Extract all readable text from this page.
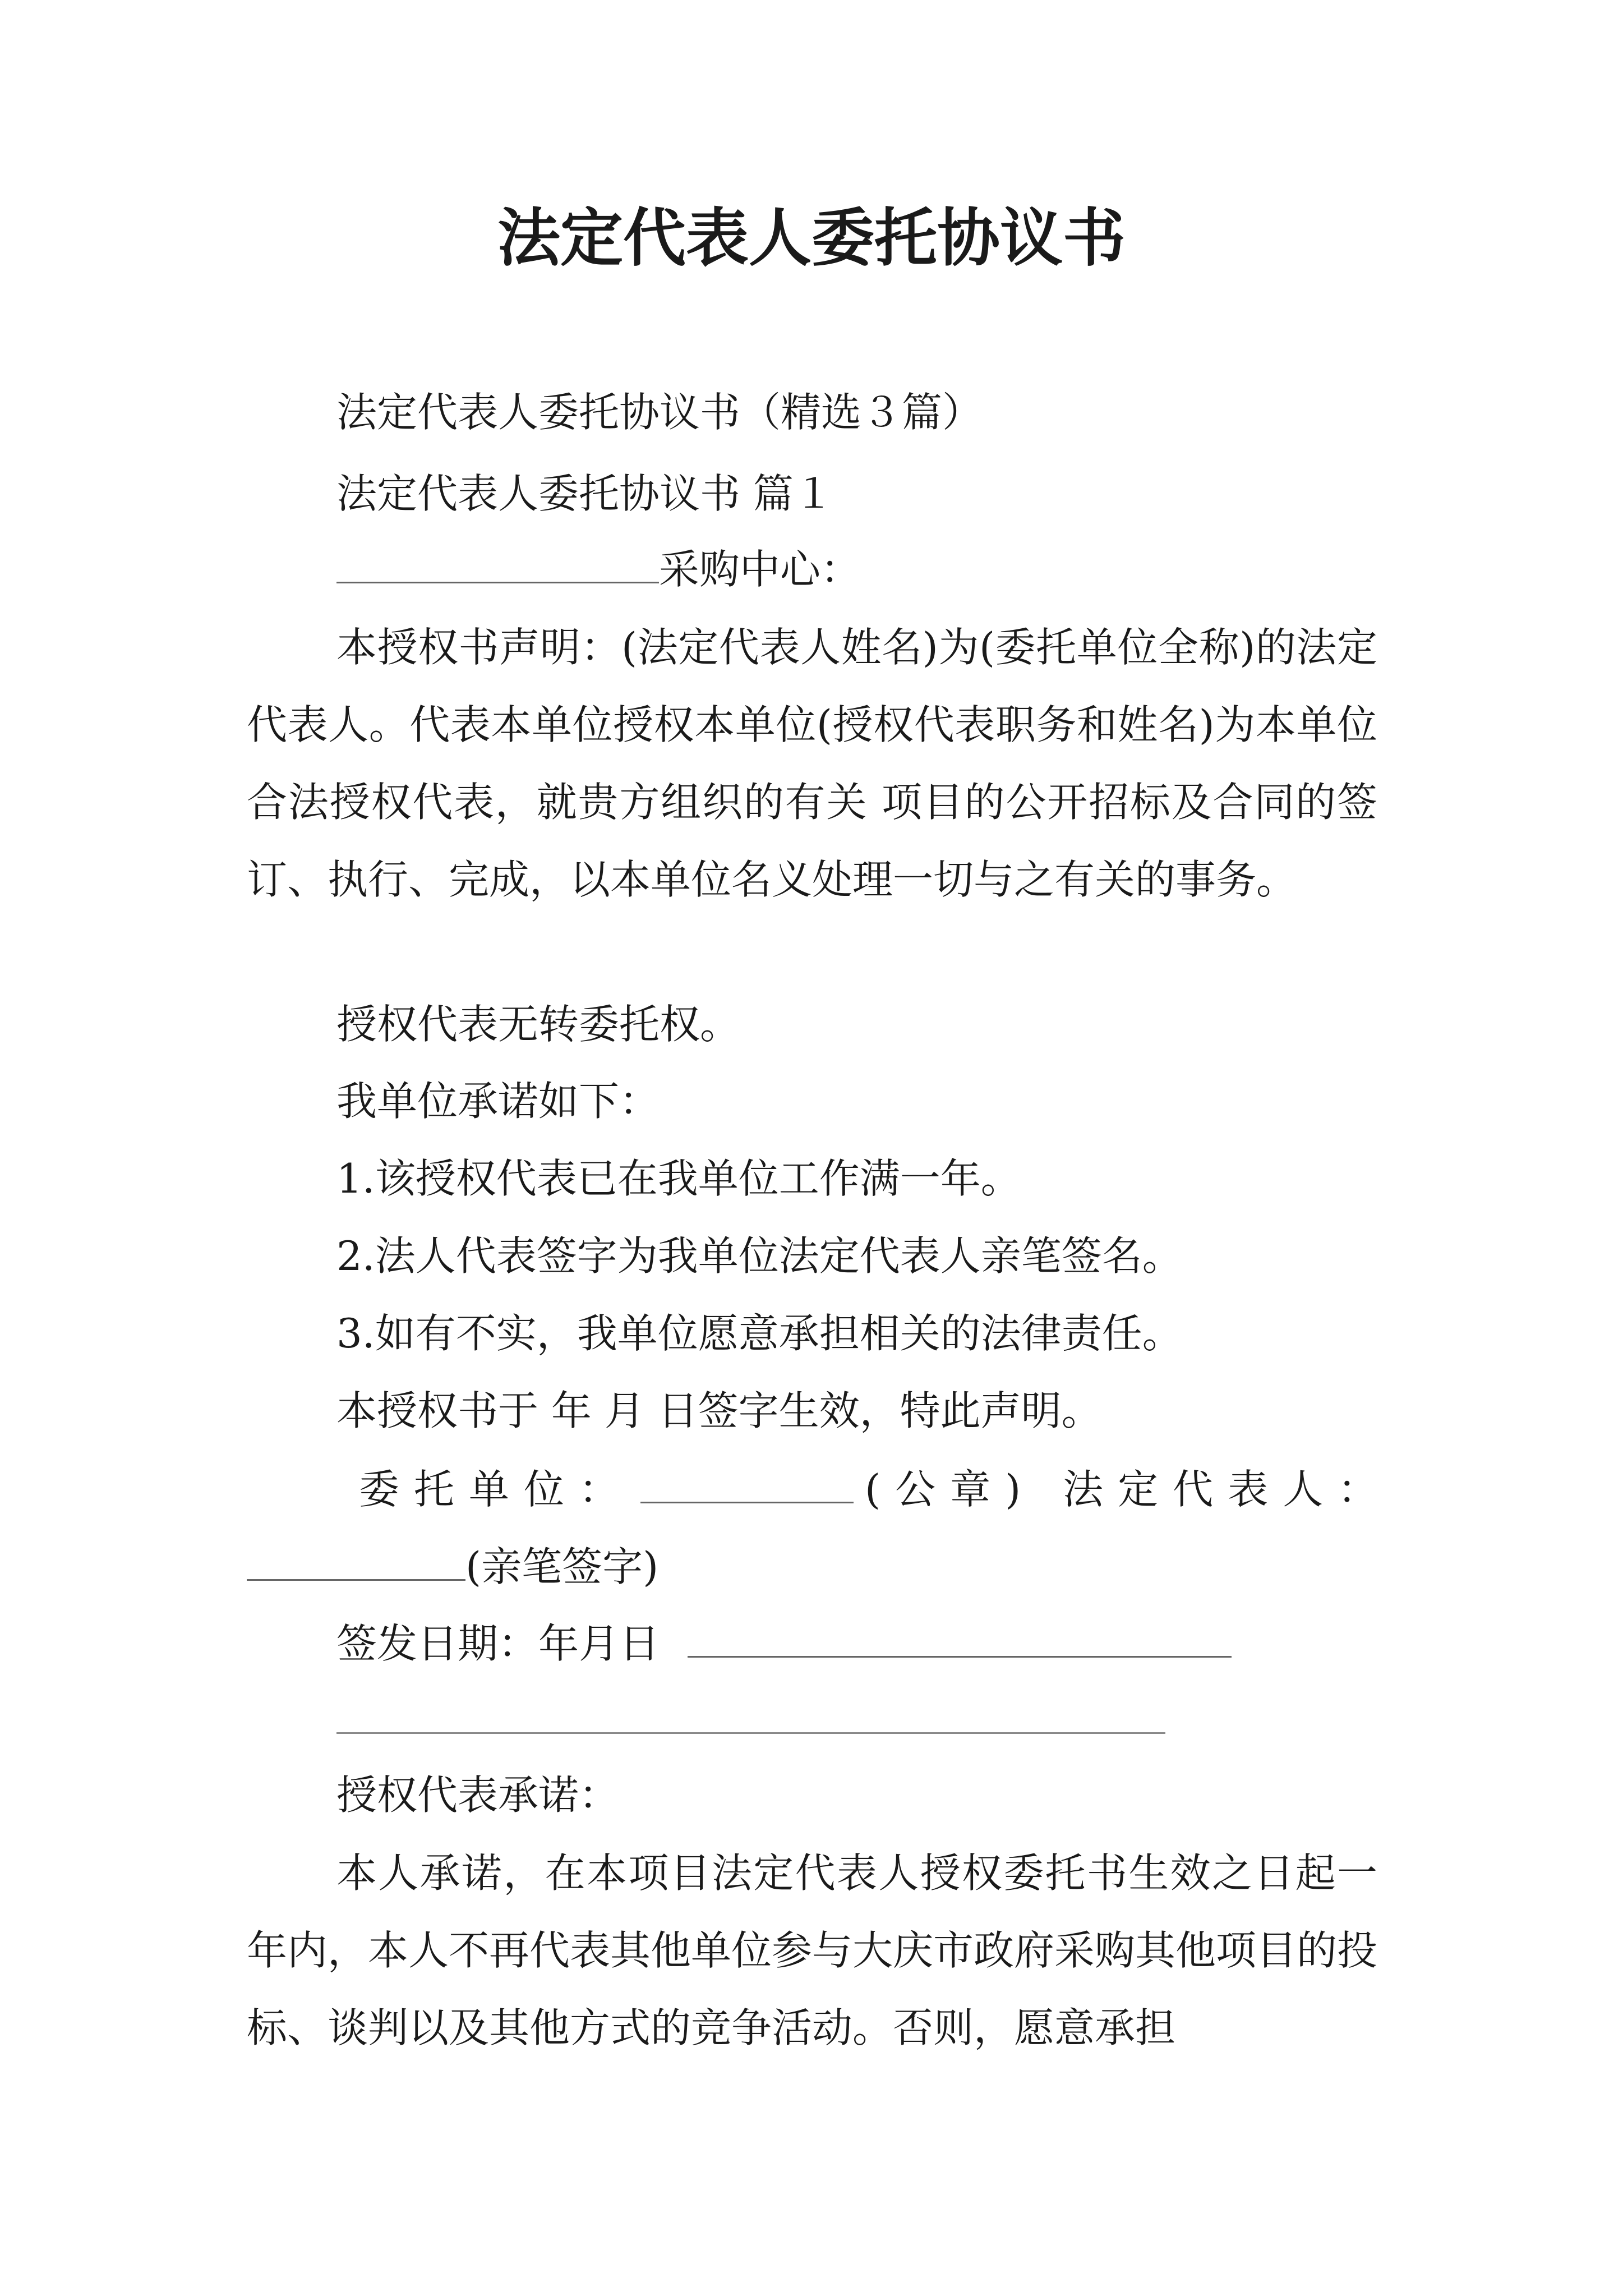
法定代表人委托协议书
法定代表人委托协议书（精选３篇）
法定代表人委托协议书 篇１
采购中心：
本授权书声明：(法定代表人姓名)为(委托单位全称)的法定代表人。代表本单位授权本单位(授权代表职务和姓名)为本单位合法授权代表，就贵方组织的有关 项目的公开招标及合同的签订、执行、完成，以本单位名义处理一切与之有关的事务。
授权代表无转委托权。
我单位承诺如下：
1.该授权代表已在我单位工作满一年。
2.法人代表签字为我单位法定代表人亲笔签名。
3.如有不实，我单位愿意承担相关的法律责任。
本授权书于 年 月 日签字生效，特此声明。
委托单位：	(公章) 法定代表人：
(亲笔签字)
签发日期：年月日
授权代表承诺：
本人承诺，在本项目法定代表人授权委托书生效之日起一年内，本人不再代表其他单位参与大庆市政府采购其他项目的投标、谈判以及其他方式的竞争活动。否则，愿意承担
